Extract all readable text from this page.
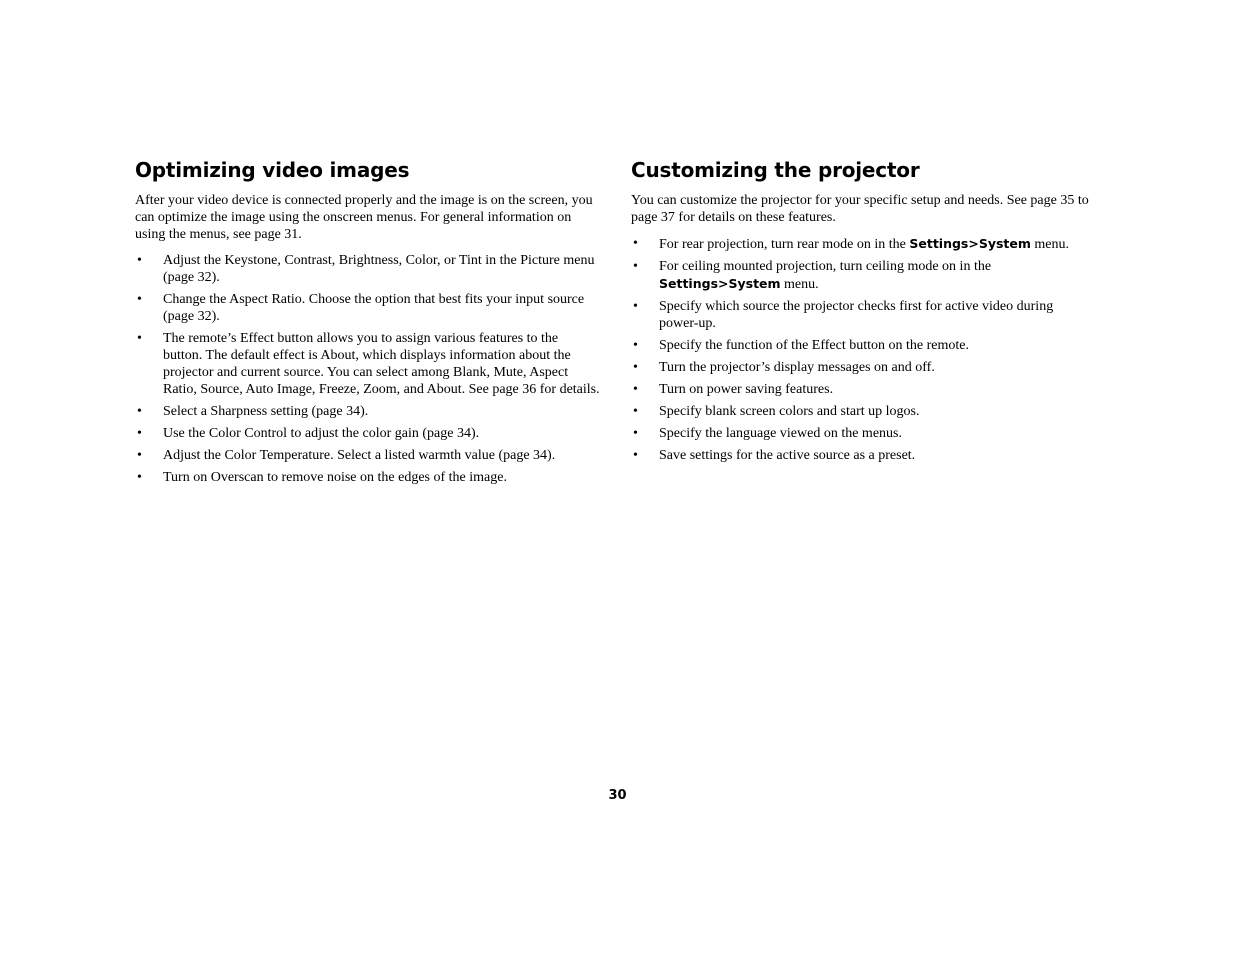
Optimizing video images

After your video device is connected properly and the image is on the screen, you can optimize the image using the onscreen menus. For general information on using the menus, see page 31.

• Adjust the Keystone, Contrast, Brightness, Color, or Tint in the Picture menu (page 32).
• Change the Aspect Ratio. Choose the option that best fits your input source (page 32).
• The remote’s Effect button allows you to assign various features to the button. The default effect is About, which displays information about the projector and current source. You can select among Blank, Mute, Aspect Ratio, Source, Auto Image, Freeze, Zoom, and About. See page 36 for details.
• Select a Sharpness setting (page 34).
• Use the Color Control to adjust the color gain (page 34).
• Adjust the Color Temperature. Select a listed warmth value (page 34).
• Turn on Overscan to remove noise on the edges of the image.
Customizing the projector

You can customize the projector for your specific setup and needs. See page 35 to page 37 for details on these features.

• For rear projection, turn rear mode on in the Settings>System menu.
• For ceiling mounted projection, turn ceiling mode on in the Settings>System menu.
• Specify which source the projector checks first for active video during power-up.
• Specify the function of the Effect button on the remote.
• Turn the projector’s display messages on and off.
• Turn on power saving features.
• Specify blank screen colors and start up logos.
• Specify the language viewed on the menus.
• Save settings for the active source as a preset.
30
